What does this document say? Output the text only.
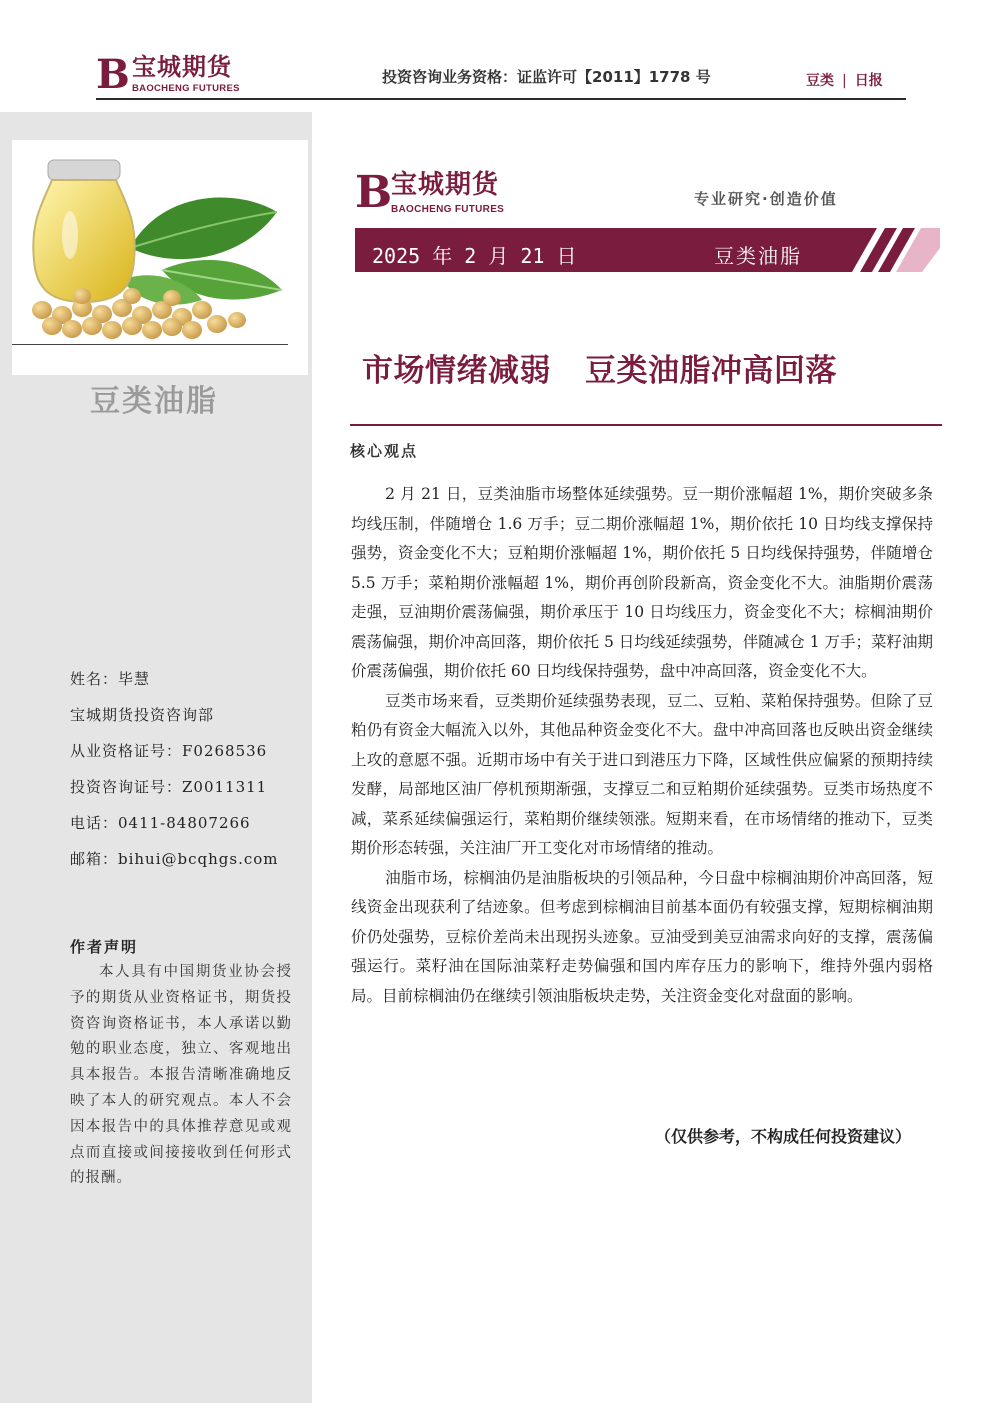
B 宝城期货
BAOCHENG FUTURES
投资咨询业务资格：证监许可【2011】1778 号	豆类 | 日报
豆类油脂
姓名：毕慧
宝城期货投资咨询部
从业资格证号：F0268536
投资咨询证号：Z0011311
电话：0411-84807266
邮箱：bihui@bcqhgs.com
作者声明
本人具有中国期货业协会授予的期货从业资格证书，期货投资咨询资格证书，本人承诺以勤勉的职业态度，独立、客观地出具本报告。本报告清晰准确地反映了本人的研究观点。本人不会因本报告中的具体推荐意见或观点而直接或间接接收到任何形式的报酬。
B
宝城期货
BAOCHENG FUTURES
专业研究·创造价值
2025 年 2 月 21 日	豆类油脂
市场情绪减弱 豆类油脂冲高回落
核心观点

2 月 21 日，豆类油脂市场整体延续强势。豆一期价涨幅超 1%，期价突破多条均线压制，伴随增仓 1.6 万手；豆二期价涨幅超 1%，期价依托 10 日均线支撑保持强势，资金变化不大；豆粕期价涨幅超 1%，期价依托 5 日均线保持强势，伴随增仓 5.5 万手；菜粕期价涨幅超 1%，期价再创阶段新高，资金变化不大。油脂期价震荡走强，豆油期价震荡偏强，期价承压于 10 日均线压力，资金变化不大；棕榈油期价震荡偏强，期价冲高回落，期价依托 5 日均线延续强势，伴随减仓 1 万手；菜籽油期价震荡偏强，期价依托 60 日均线保持强势，盘中冲高回落，资金变化不大。

豆类市场来看，豆类期价延续强势表现，豆二、豆粕、菜粕保持强势。但除了豆粕仍有资金大幅流入以外，其他品种资金变化不大。盘中冲高回落也反映出资金继续上攻的意愿不强。近期市场中有关于进口到港压力下降，区域性供应偏紧的预期持续发酵，局部地区油厂停机预期渐强，支撑豆二和豆粕期价延续强势。豆类市场热度不减，菜系延续偏强运行，菜粕期价继续领涨。短期来看，在市场情绪的推动下，豆类期价形态转强，关注油厂开工变化对市场情绪的推动。

油脂市场，棕榈油仍是油脂板块的引领品种，今日盘中棕榈油期价冲高回落，短线资金出现获利了结迹象。但考虑到棕榈油目前基本面仍有较强支撑，短期棕榈油期价仍处强势，豆棕价差尚未出现拐头迹象。豆油受到美豆油需求向好的支撑，震荡偏强运行。菜籽油在国际油菜籽走势偏强和国内库存压力的影响下，维持外强内弱格局。目前棕榈油仍在继续引领油脂板块走势，关注资金变化对盘面的影响。

（仅供参考，不构成任何投资建议）
